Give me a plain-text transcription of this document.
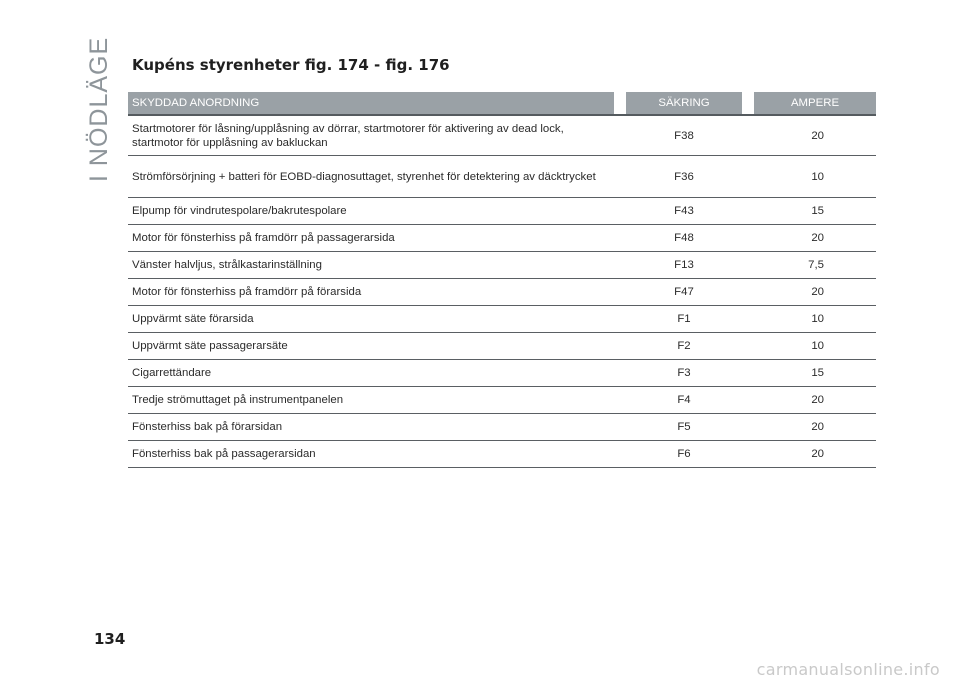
I NÖDLÄGE Kupéns styrenheter fig. 174 - fig. 176
SKYDDAD ANORDNING		SÄKRING		AMPERE
Startmotorer för låsning/upplåsning av dörrar, startmotorer för aktivering av dead lock, startmotor för upplåsning av bakluckan		F38		20
Strömförsörjning + batteri för EOBD-diagnosuttaget, styrenhet för detektering av däcktrycket		F36		10
Elpump för vindrutespolare/bakrutespolare		F43		15
Motor för fönsterhiss på framdörr på passagerarsida		F48		20
Vänster halvljus, strålkastarinställning		F13		7,5
Motor för fönsterhiss på framdörr på förarsida		F47		20
Uppvärmt säte förarsida		F1		10
Uppvärmt säte passagerarsäte		F2		10
Cigarrettändare		F3		15
Tredje strömuttaget på instrumentpanelen		F4		20
Fönsterhiss bak på förarsidan		F5		20
Fönsterhiss bak på passagerarsidan		F6		20
134
carmanualsonline.info
